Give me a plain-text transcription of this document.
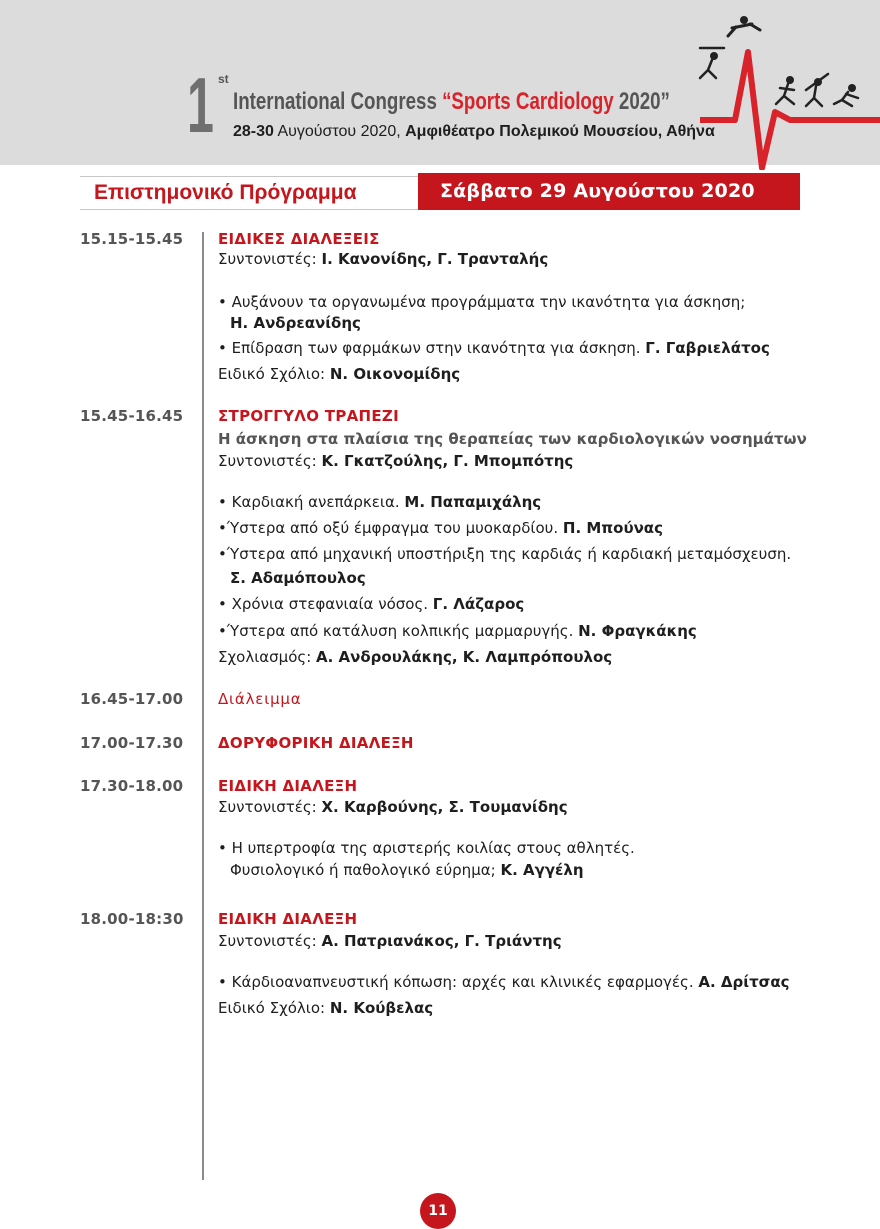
1 st
International Congress “Sports Cardiology 2020”
28-30 Αυγούστου 2020, Αμφιθέατρο Πολεμικού Μουσείου, Αθήνα
Επιστημονικό Πρόγραμμα	Σάββατο 29 Αυγούστου 2020
15.15-15.45 ΕΙΔΙΚΕΣ ΔΙΑΛΕΞΕΙΣ
Συντονιστές: Ι. Κανονίδης, Γ. Τρανταλής
• Αυξάνουν τα οργανωμένα προγράμματα την ικανότητα για άσκηση;
Η. Ανδρεανίδης
• Επίδραση των φαρμάκων στην ικανότητα για άσκηση. Γ. Γαβριελάτος
Ειδικό Σχόλιο: Ν. Οικονομίδης
15.45-16.45 ΣΤΡΟΓΓΥΛΟ ΤΡΑΠΕΖΙ
Η άσκηση στα πλαίσια της θεραπείας των καρδιολογικών νοσημάτων
Συντονιστές: Κ. Γκατζούλης, Γ. Μπομπότης
• Καρδιακή ανεπάρκεια. Μ. Παπαμιχάλης
•Ύστερα από οξύ έμφραγμα του μυοκαρδίου. Π. Μπούνας
•Ύστερα από μηχανική υποστήριξη της καρδιάς ή καρδιακή μεταμόσχευση.
Σ. Αδαμόπουλος
• Χρόνια στεφανιαία νόσος. Γ. Λάζαρος
•Ύστερα από κατάλυση κολπικής μαρμαρυγής. Ν. Φραγκάκης
Σχολιασμός: Α. Ανδρουλάκης, Κ. Λαμπρόπουλος
16.45-17.00 Διάλειμμα
17.00-17.30 ΔΟΡΥΦΟΡΙΚΗ ΔΙΑΛΕΞΗ
17.30-18.00 ΕΙΔΙΚΗ ΔΙΑΛΕΞΗ
Συντονιστές: Χ. Καρβούνης, Σ. Τουμανίδης
• Η υπερτροφία της αριστερής κοιλίας στους αθλητές.
Φυσιολογικό ή παθολογικό εύρημα; Κ. Αγγέλη
18.00-18:30 ΕΙΔΙΚΗ ΔΙΑΛΕΞΗ
Συντονιστές: Α. Πατριανάκος, Γ. Τριάντης
• Κάρδιοαναπνευστική κόπωση: αρχές και κλινικές εφαρμογές. Α. Δρίτσας
Ειδικό Σχόλιο: Ν. Κούβελας
11
